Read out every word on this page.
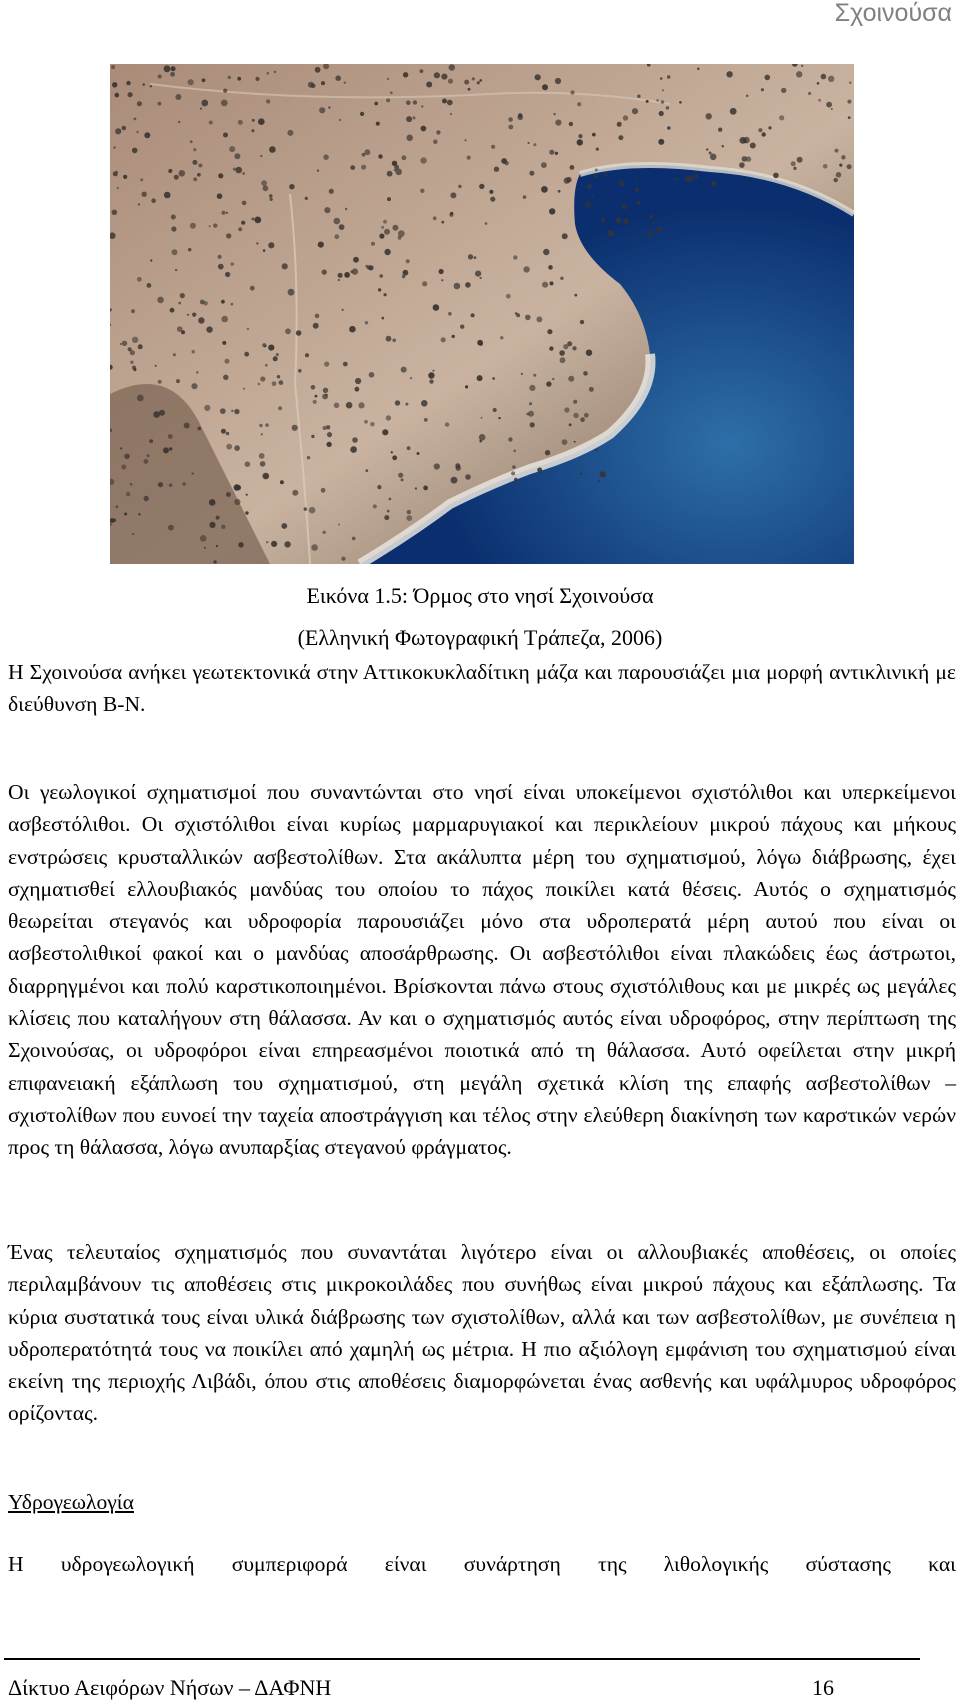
Σχοινούσα
Εικόνα 1.5: Όρμος στο νησί Σχοινούσα
(Ελληνική Φωτογραφική Τράπεζα, 2006)

Η Σχοινούσα ανήκει γεωτεκτονικά στην Αττικοκυκλαδίτικη μάζα και παρουσιάζει μια μορφή αντικλινική με διεύθυνση Β-Ν.

Οι γεωλογικοί σχηματισμοί που συναντώνται στο νησί είναι υποκείμενοι σχιστόλιθοι και υπερκείμενοι ασβεστόλιθοι. Οι σχιστόλιθοι είναι κυρίως μαρμαρυγιακοί και περικλείουν μικρού πάχους και μήκους ενστρώσεις κρυσταλλικών ασβεστολίθων. Στα ακάλυπτα μέρη του σχηματισμού, λόγω διάβρωσης, έχει σχηματισθεί ελλουβιακός μανδύας του οποίου το πάχος ποικίλει κατά θέσεις. Αυτός ο σχηματισμός θεωρείται στεγανός και υδροφορία παρουσιάζει μόνο στα υδροπερατά μέρη αυτού που είναι οι ασβεστολιθικοί φακοί και ο μανδύας αποσάρθρωσης. Οι ασβεστόλιθοι είναι πλακώδεις έως άστρωτοι, διαρρηγμένοι και πολύ καρστικοποιημένοι. Βρίσκονται πάνω στους σχιστόλιθους και με μικρές ως μεγάλες κλίσεις που καταλήγουν στη θάλασσα. Αν και ο σχηματισμός αυτός είναι υδροφόρος, στην περίπτωση της Σχοινούσας, οι υδροφόροι είναι επηρεασμένοι ποιοτικά από τη θάλασσα. Αυτό οφείλεται στην μικρή επιφανειακή εξάπλωση του σχηματισμού, στη μεγάλη σχετικά κλίση της επαφής ασβεστολίθων – σχιστολίθων που ευνοεί την ταχεία αποστράγγιση και τέλος στην ελεύθερη διακίνηση των καρστικών νερών προς τη θάλασσα, λόγω ανυπαρξίας στεγανού φράγματος.

Ένας τελευταίος σχηματισμός που συναντάται λιγότερο είναι οι αλλουβιακές αποθέσεις, οι οποίες περιλαμβάνουν τις αποθέσεις στις μικροκοιλάδες που συνήθως είναι μικρού πάχους και εξάπλωσης. Τα κύρια συστατικά τους είναι υλικά διάβρωσης των σχιστολίθων, αλλά και των ασβεστολίθων, με συνέπεια η υδροπερατότητά τους να ποικίλει από χαμηλή ως μέτρια. Η πιο αξιόλογη εμφάνιση του σχηματισμού είναι εκείνη της περιοχής Λιβάδι, όπου στις αποθέσεις διαμορφώνεται ένας ασθενής και υφάλμυρος υδροφόρος ορίζοντας.

Υδρογεωλογία

Η υδρογεωλογική συμπεριφορά είναι συνάρτηση της λιθολογικής σύστασης και

Δίκτυο Αειφόρων Νήσων – ΔΑΦΝΗ	16
